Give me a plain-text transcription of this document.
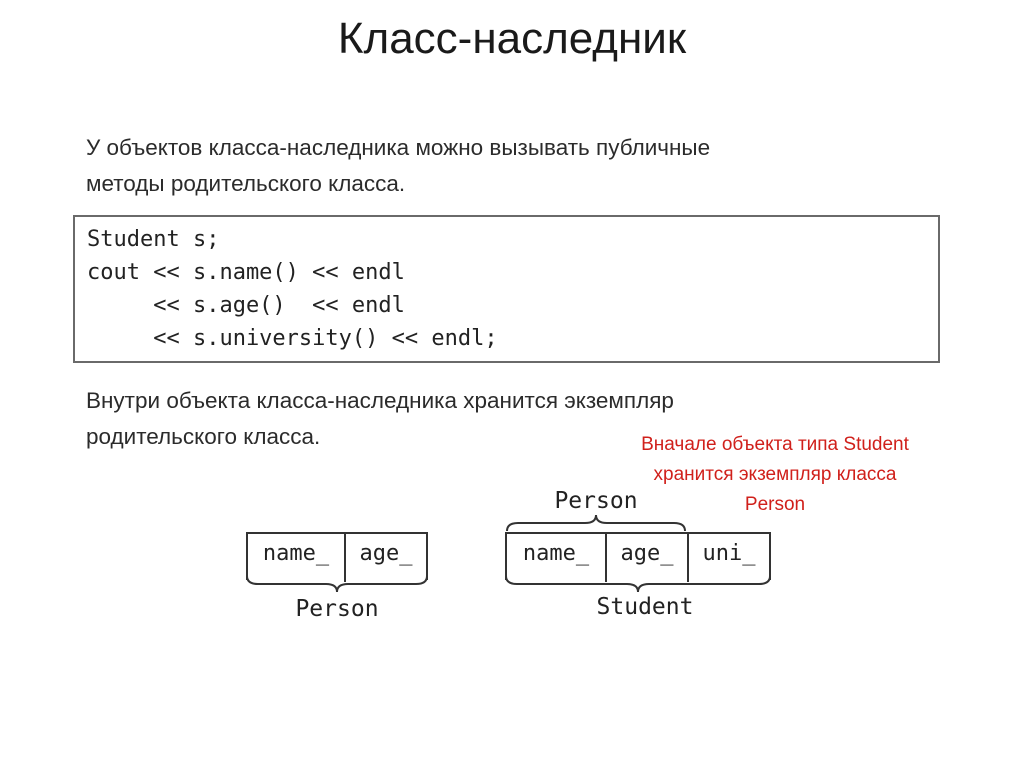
Класс-наследник
У объектов класса-наследника можно вызывать публичные
методы родительского класса.
Student s;
cout << s.name() << endl
<< s.age()  << endl
<< s.university() << endl;
Внутри объекта класса-наследника хранится экземпляр
родительского класса.	Вначале объекта типа Student
хранится экземпляр класса
Person
name_	age_
Person
Person
name_	age_	uni_
Student
